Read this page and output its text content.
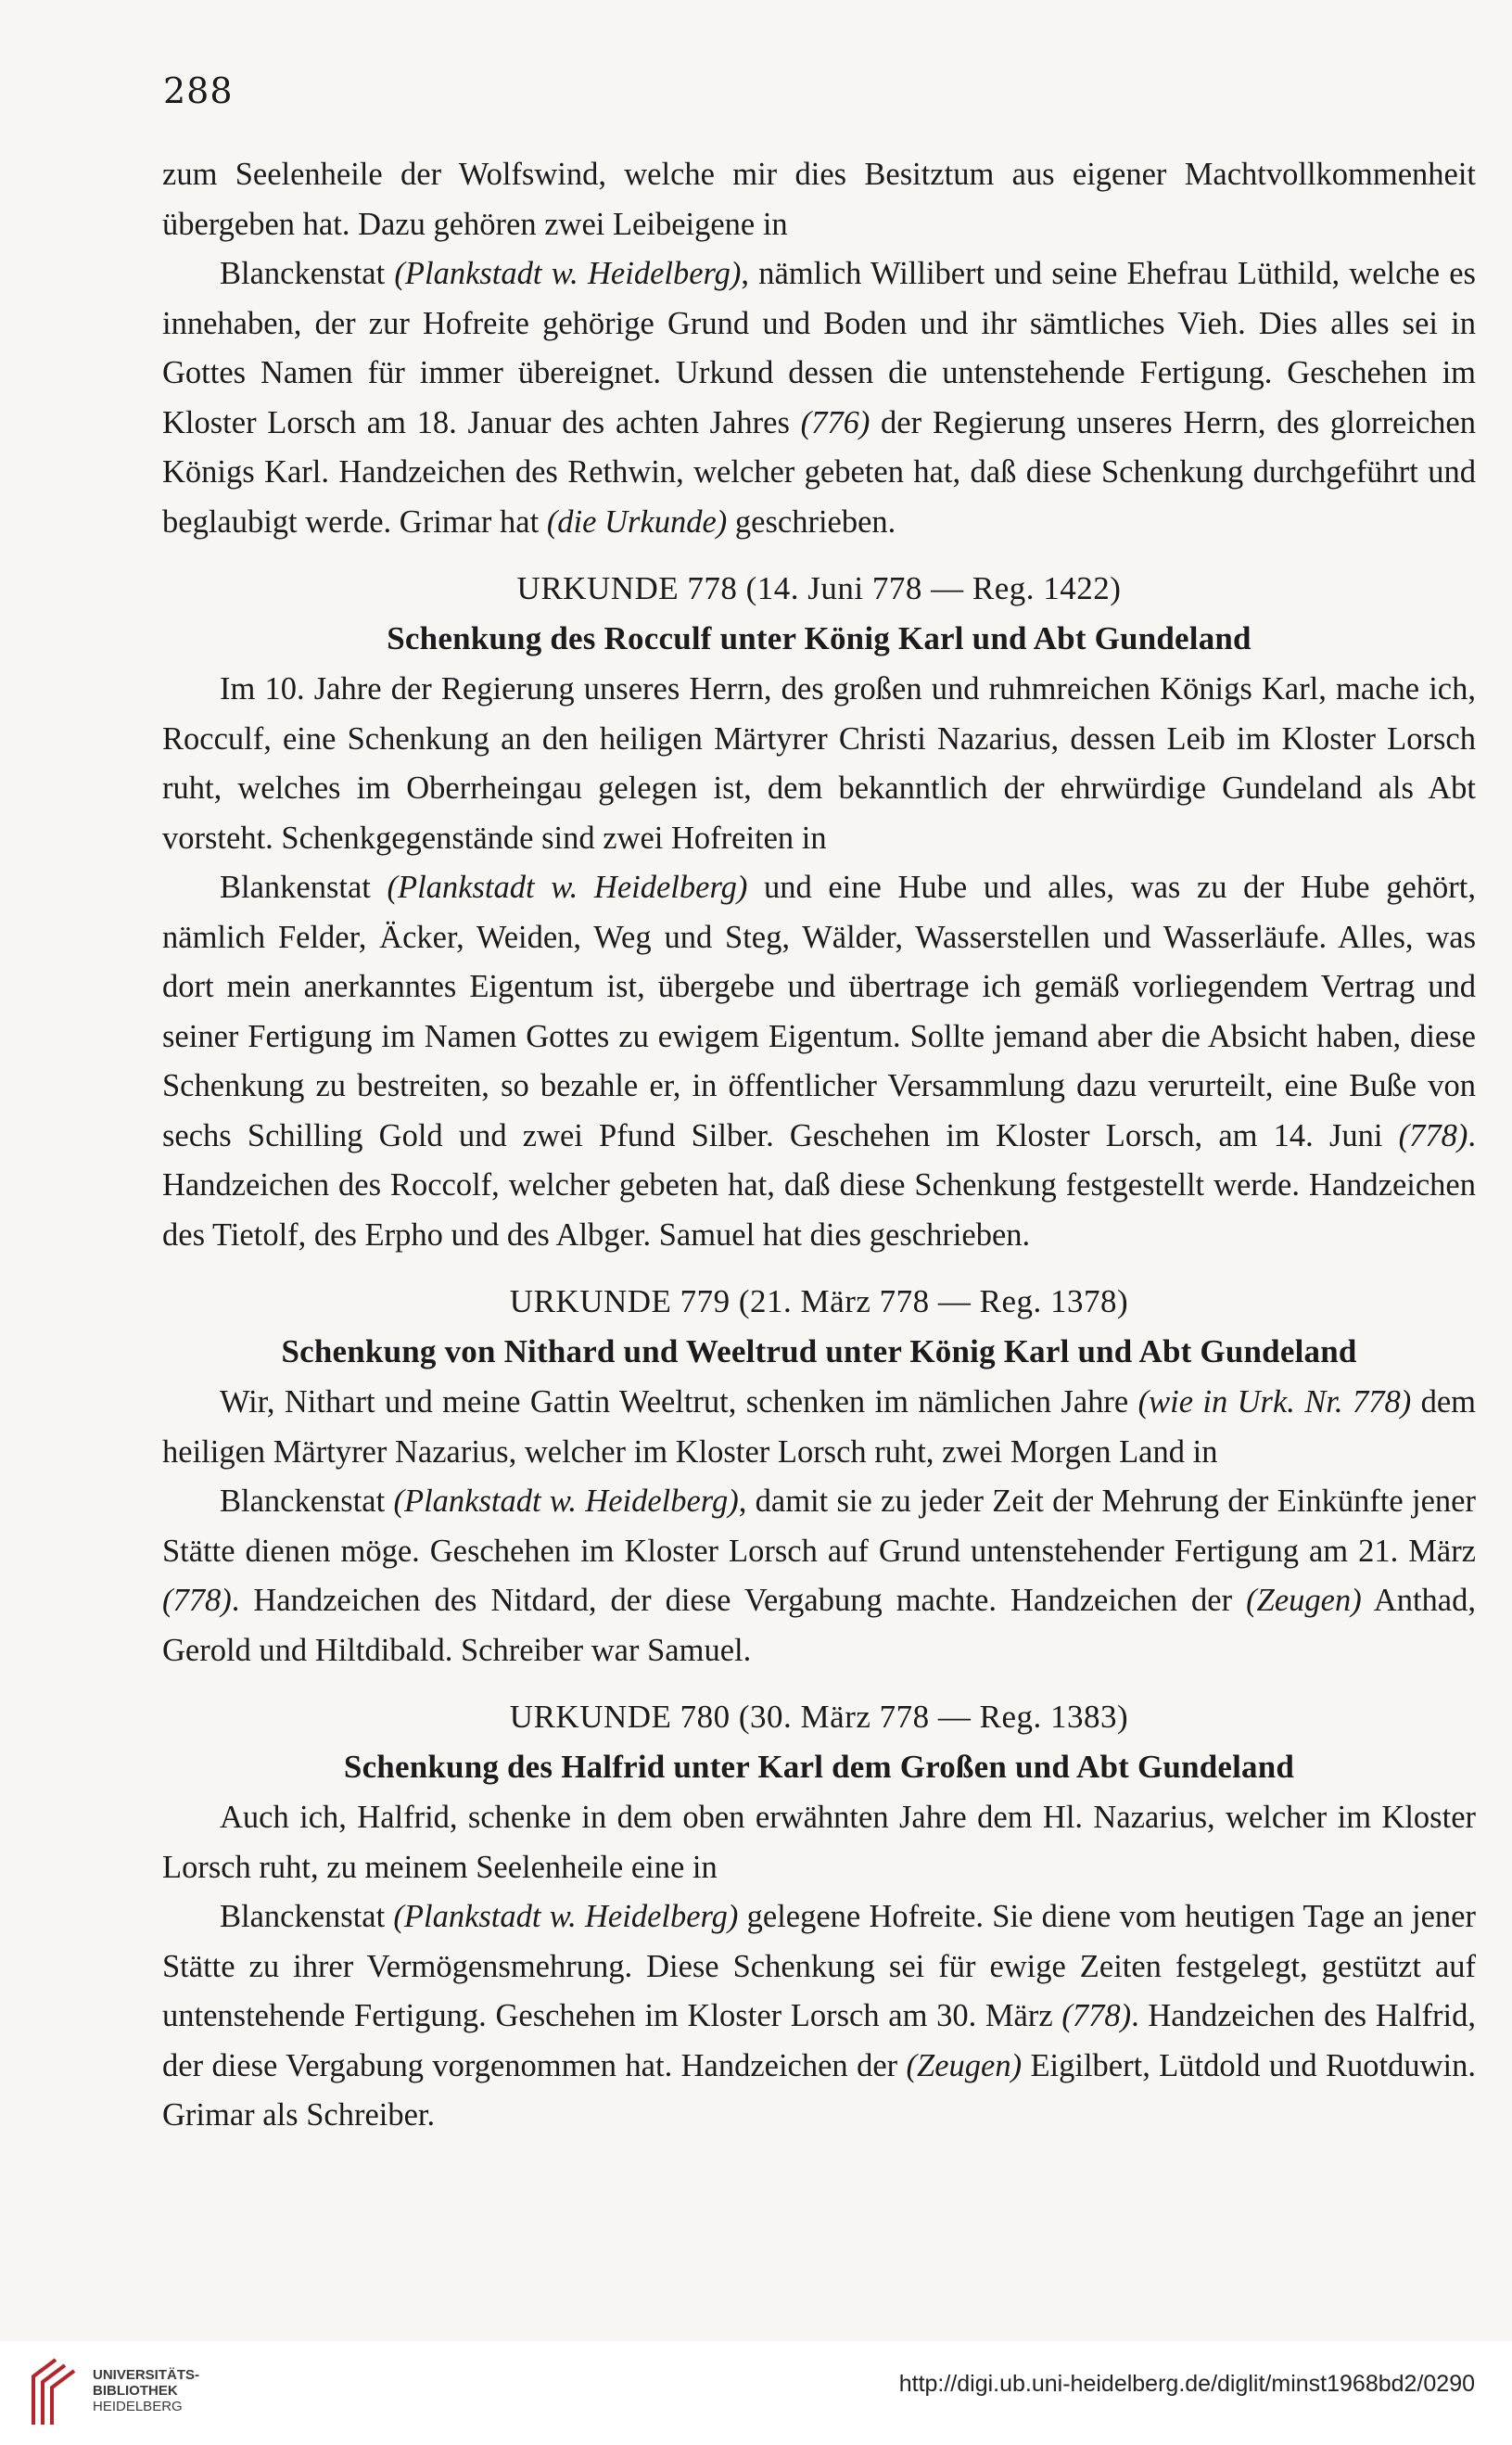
288

zum Seelenheile der Wolfswind, welche mir dies Besitztum aus eigener Machtvollkommenheit übergeben hat. Dazu gehören zwei Leibeigene in

Blanckenstat (Plankstadt w. Heidelberg), nämlich Willibert und seine Ehefrau Lüthild, welche es innehaben, der zur Hofreite gehörige Grund und Boden und ihr sämtliches Vieh. Dies alles sei in Gottes Namen für immer übereignet. Urkund dessen die untenstehende Fertigung. Geschehen im Kloster Lorsch am 18. Januar des achten Jahres (776) der Regierung unseres Herrn, des glorreichen Königs Karl. Handzeichen des Rethwin, welcher gebeten hat, daß diese Schenkung durchgeführt und beglaubigt werde. Grimar hat (die Urkunde) geschrieben.

URKUNDE 778 (14. Juni 778 — Reg. 1422)
Schenkung des Rocculf unter König Karl und Abt Gundeland

Im 10. Jahre der Regierung unseres Herrn, des großen und ruhmreichen Königs Karl, mache ich, Rocculf, eine Schenkung an den heiligen Märtyrer Christi Nazarius, dessen Leib im Kloster Lorsch ruht, welches im Oberrheingau gelegen ist, dem bekanntlich der ehrwürdige Gundeland als Abt vorsteht. Schenkgegenstände sind zwei Hofreiten in

Blankenstat (Plankstadt w. Heidelberg) und eine Hube und alles, was zu der Hube gehört, nämlich Felder, Äcker, Weiden, Weg und Steg, Wälder, Wasserstellen und Wasserläufe. Alles, was dort mein anerkanntes Eigentum ist, übergebe und übertrage ich gemäß vorliegendem Vertrag und seiner Fertigung im Namen Gottes zu ewigem Eigentum. Sollte jemand aber die Absicht haben, diese Schenkung zu bestreiten, so bezahle er, in öffentlicher Versammlung dazu verurteilt, eine Buße von sechs Schilling Gold und zwei Pfund Silber. Geschehen im Kloster Lorsch, am 14. Juni (778). Handzeichen des Roccolf, welcher gebeten hat, daß diese Schenkung festgestellt werde. Handzeichen des Tietolf, des Erpho und des Albger. Samuel hat dies geschrieben.

URKUNDE 779 (21. März 778 — Reg. 1378)
Schenkung von Nithard und Weeltrud unter König Karl und Abt Gundeland

Wir, Nithart und meine Gattin Weeltrut, schenken im nämlichen Jahre (wie in Urk. Nr. 778) dem heiligen Märtyrer Nazarius, welcher im Kloster Lorsch ruht, zwei Morgen Land in

Blanckenstat (Plankstadt w. Heidelberg), damit sie zu jeder Zeit der Mehrung der Einkünfte jener Stätte dienen möge. Geschehen im Kloster Lorsch auf Grund untenstehender Fertigung am 21. März (778). Handzeichen des Nitdard, der diese Vergabung machte. Handzeichen der (Zeugen) Anthad, Gerold und Hiltdibald. Schreiber war Samuel.

URKUNDE 780 (30. März 778 — Reg. 1383)
Schenkung des Halfrid unter Karl dem Großen und Abt Gundeland

Auch ich, Halfrid, schenke in dem oben erwähnten Jahre dem Hl. Nazarius, welcher im Kloster Lorsch ruht, zu meinem Seelenheile eine in

Blanckenstat (Plankstadt w. Heidelberg) gelegene Hofreite. Sie diene vom heutigen Tage an jener Stätte zu ihrer Vermögensmehrung. Diese Schenkung sei für ewige Zeiten festgelegt, gestützt auf untenstehende Fertigung. Geschehen im Kloster Lorsch am 30. März (778). Handzeichen des Halfrid, der diese Vergabung vorgenommen hat. Handzeichen der (Zeugen) Eigilbert, Lütdold und Ruotduwin. Grimar als Schreiber.

UNIVERSITÄTS-
BIBLIOTHEK
HEIDELBERG
http://digi.ub.uni-heidelberg.de/diglit/minst1968bd2/0290
